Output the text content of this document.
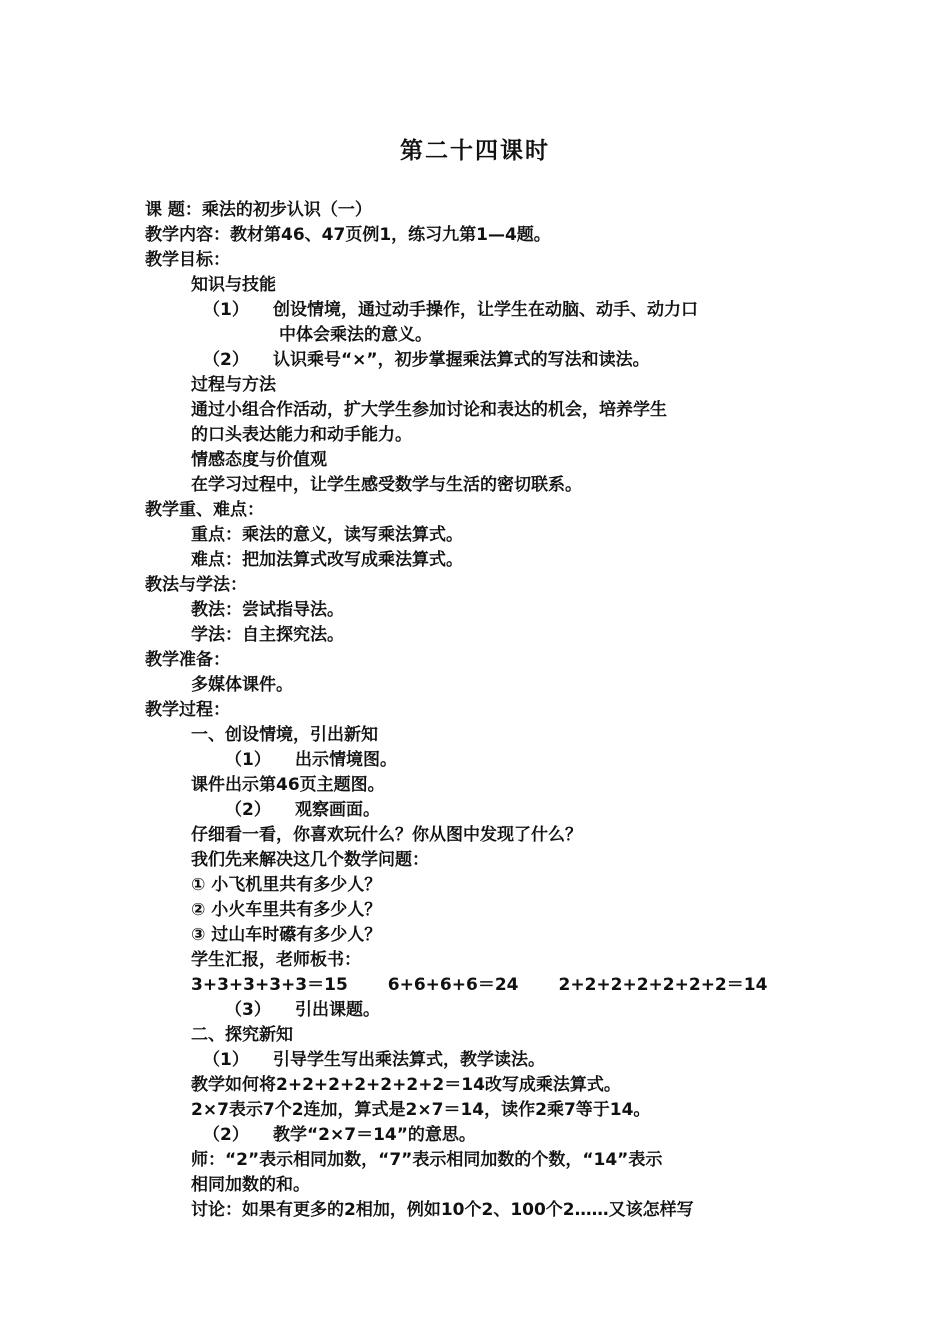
第二十四课时
课 题：乘法的初步认识（一）
教学内容：教材第46、47页例1，练习九第1—4题。
教学目标：
知识与技能
（1） 创设情境，通过动手操作，让学生在动脑、动手、动力口
中体会乘法的意义。
（2） 认识乘号“×”，初步掌握乘法算式的写法和读法。
过程与方法
通过小组合作活动，扩大学生参加讨论和表达的机会，培养学生
的口头表达能力和动手能力。
情感态度与价值观
在学习过程中，让学生感受数学与生活的密切联系。
教学重、难点：
重点：乘法的意义，读写乘法算式。
难点：把加法算式改写成乘法算式。
教法与学法：
教法：尝试指导法。
学法：自主探究法。
教学准备：
多媒体课件。
教学过程：
一、创设情境，引出新知
（1） 出示情境图。
课件出示第46页主题图。
（2） 观察画面。
仔细看一看，你喜欢玩什么？你从图中发现了什么？
我们先来解决这几个数学问题：
① 小飞机里共有多少人？
② 小火车里共有多少人？
③ 过山车时礤有多少人？
学生汇报，老师板书：
3+3+3+3+3＝15 6+6+6+6＝24 2+2+2+2+2+2+2＝14
（3） 引出课题。
二、探究新知
（1） 引导学生写出乘法算式，教学读法。
教学如何将2+2+2+2+2+2+2＝14改写成乘法算式。
2×7表示7个2连加，算式是2×7＝14，读作2乘7等于14。
（2） 教学“2×7＝14”的意思。
师：“2”表示相同加数，“7”表示相同加数的个数，“14”表示
相同加数的和。
讨论：如果有更多的2相加，例如10个2、100个2……又该怎样写
